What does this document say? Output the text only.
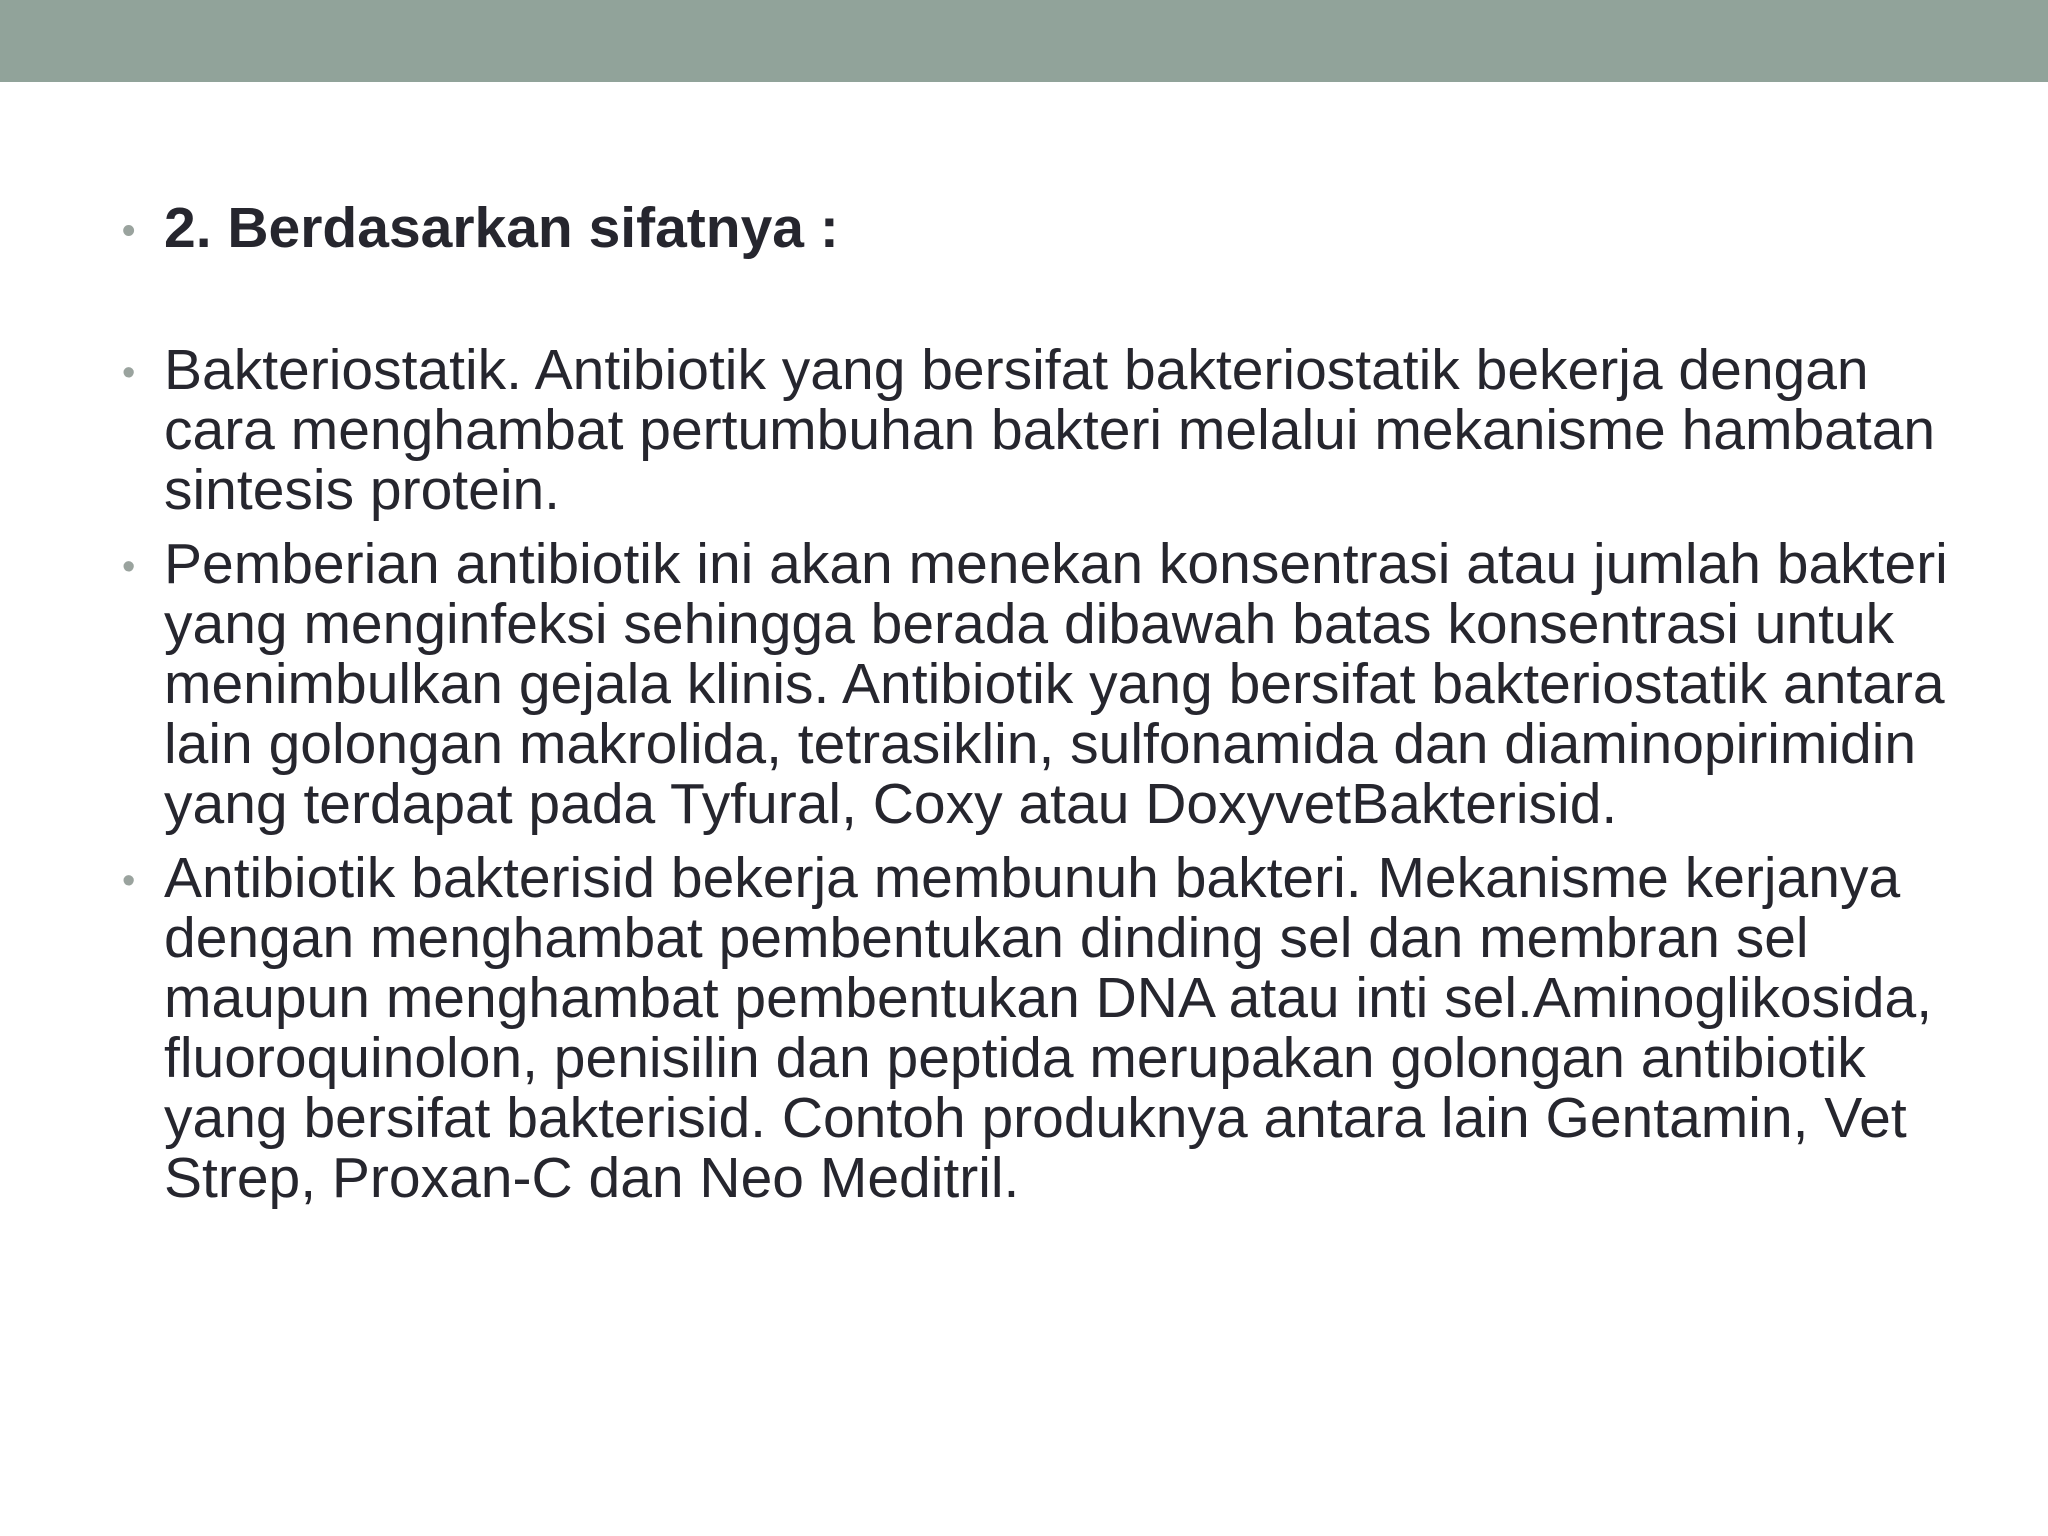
• 2. Berdasarkan sifatnya :
• Bakteriostatik. Antibiotik yang bersifat bakteriostatik bekerja dengan cara menghambat pertumbuhan bakteri melalui mekanisme hambatan sintesis protein.
• Pemberian antibiotik ini akan menekan konsentrasi atau jumlah bakteri yang menginfeksi sehingga berada dibawah batas konsentrasi untuk menimbulkan gejala klinis. Antibiotik yang bersifat bakteriostatik antara lain golongan makrolida, tetrasiklin, sulfonamida dan diaminopirimidin yang terdapat pada Tyfural, Coxy atau DoxyvetBakterisid.
• Antibiotik bakterisid bekerja membunuh bakteri. Mekanisme kerjanya dengan menghambat pembentukan dinding sel dan membran sel maupun menghambat pembentukan DNA atau inti sel.Aminoglikosida, fluoroquinolon, penisilin dan peptida merupakan golongan antibiotik yang bersifat bakterisid. Contoh produknya antara lain Gentamin, Vet Strep, Proxan-C dan Neo Meditril.
